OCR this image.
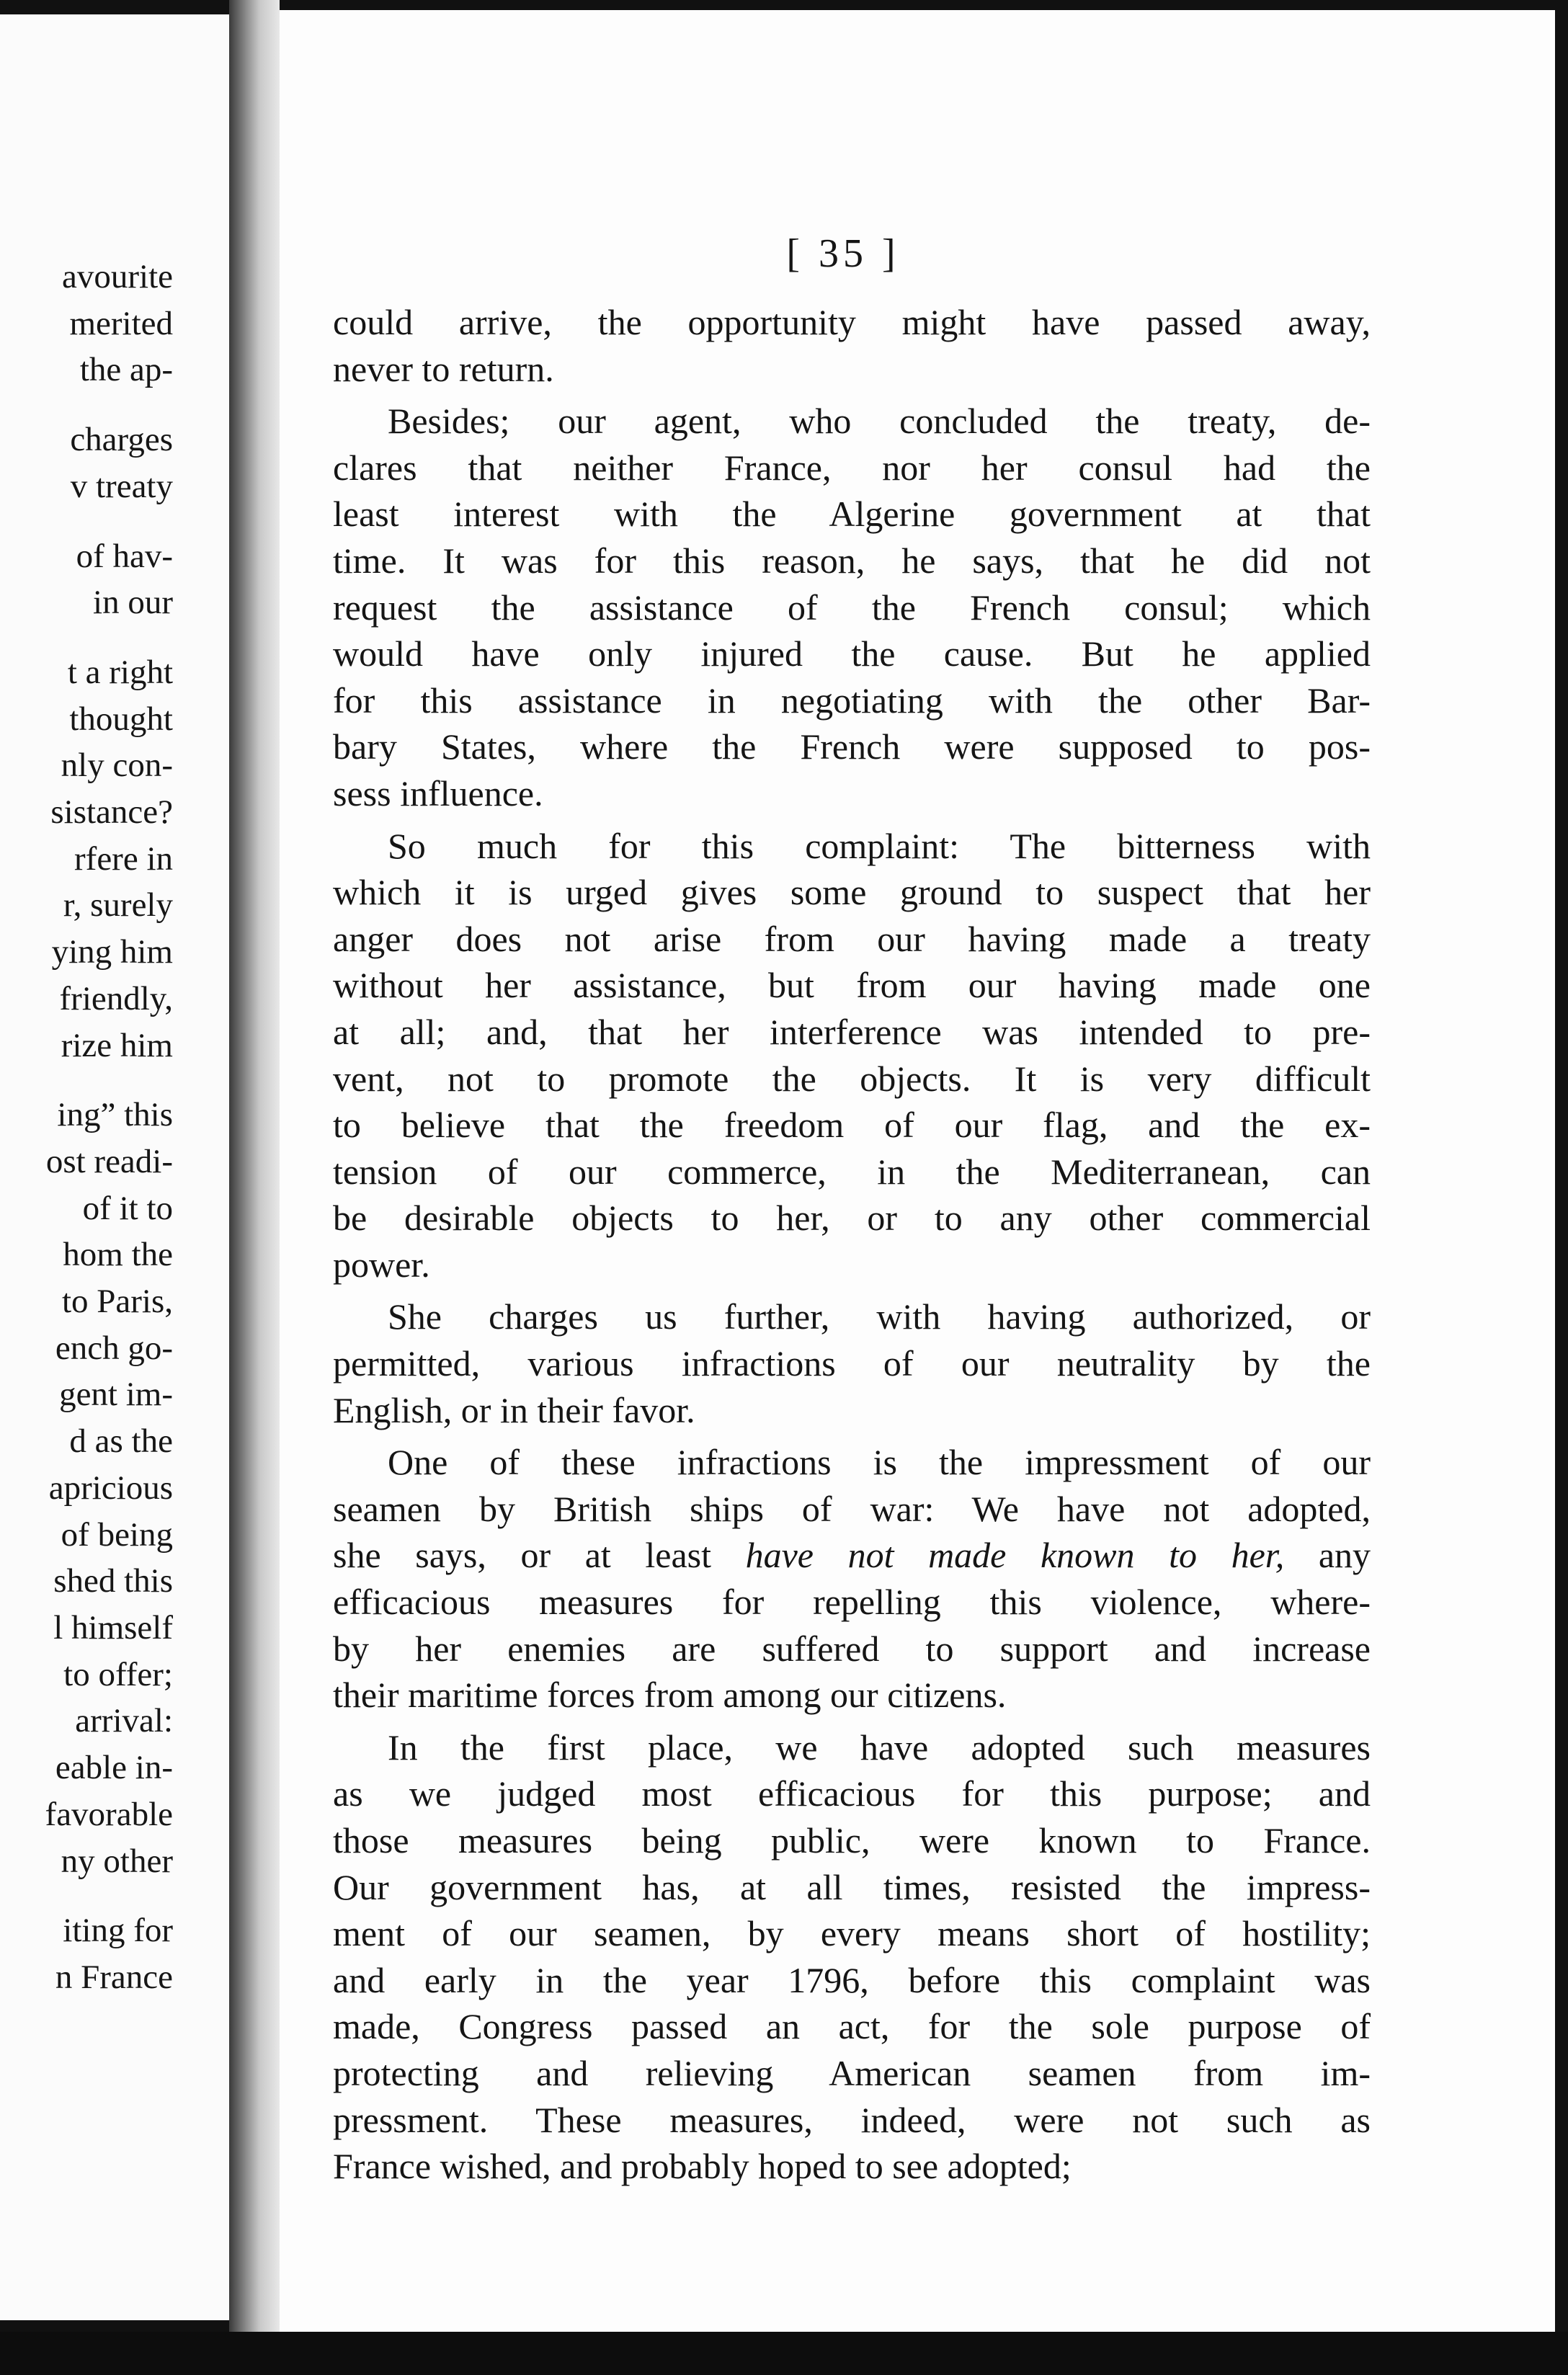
avourite
merited
the ap-
charges
v treaty
of hav-
in our
t a right
thought
nly con-
sistance?
rfere in
r, surely
ying him
friendly,
rize him
ing” this
ost readi-
of it to
hom the
to Paris,
ench go-
gent im-
d as the
apricious
of being
shed this
l himself
to offer;
arrival:
eable in-
favorable
ny other
iting for
n France
[ 35 ]
could arrive, the opportunity might have passed away,
never to return.
Besides; our agent, who concluded the treaty, de-
clares that neither France, nor her consul had the
least interest with the Algerine government at that
time. It was for this reason, he says, that he did not
request the assistance of the French consul; which
would have only injured the cause. But he applied
for this assistance in negotiating with the other Bar-
bary States, where the French were supposed to pos-
sess influence.
So much for this complaint: The bitterness with
which it is urged gives some ground to suspect that her
anger does not arise from our having made a treaty
without her assistance, but from our having made one
at all; and, that her interference was intended to pre-
vent, not to promote the objects. It is very difficult
to believe that the freedom of our flag, and the ex-
tension of our commerce, in the Mediterranean, can
be desirable objects to her, or to any other commercial
power.
She charges us further, with having authorized, or
permitted, various infractions of our neutrality by the
English, or in their favor.
One of these infractions is the impressment of our
seamen by British ships of war: We have not adopted,
she says, or at least have not made known to her, any
efficacious measures for repelling this violence, where-
by her enemies are suffered to support and increase
their maritime forces from among our citizens.
In the first place, we have adopted such measures
as we judged most efficacious for this purpose; and
those measures being public, were known to France.
Our government has, at all times, resisted the impress-
ment of our seamen, by every means short of hostility;
and early in the year 1796, before this complaint was
made, Congress passed an act, for the sole purpose of
protecting and relieving American seamen from im-
pressment. These measures, indeed, were not such as
France wished, and probably hoped to see adopted;
